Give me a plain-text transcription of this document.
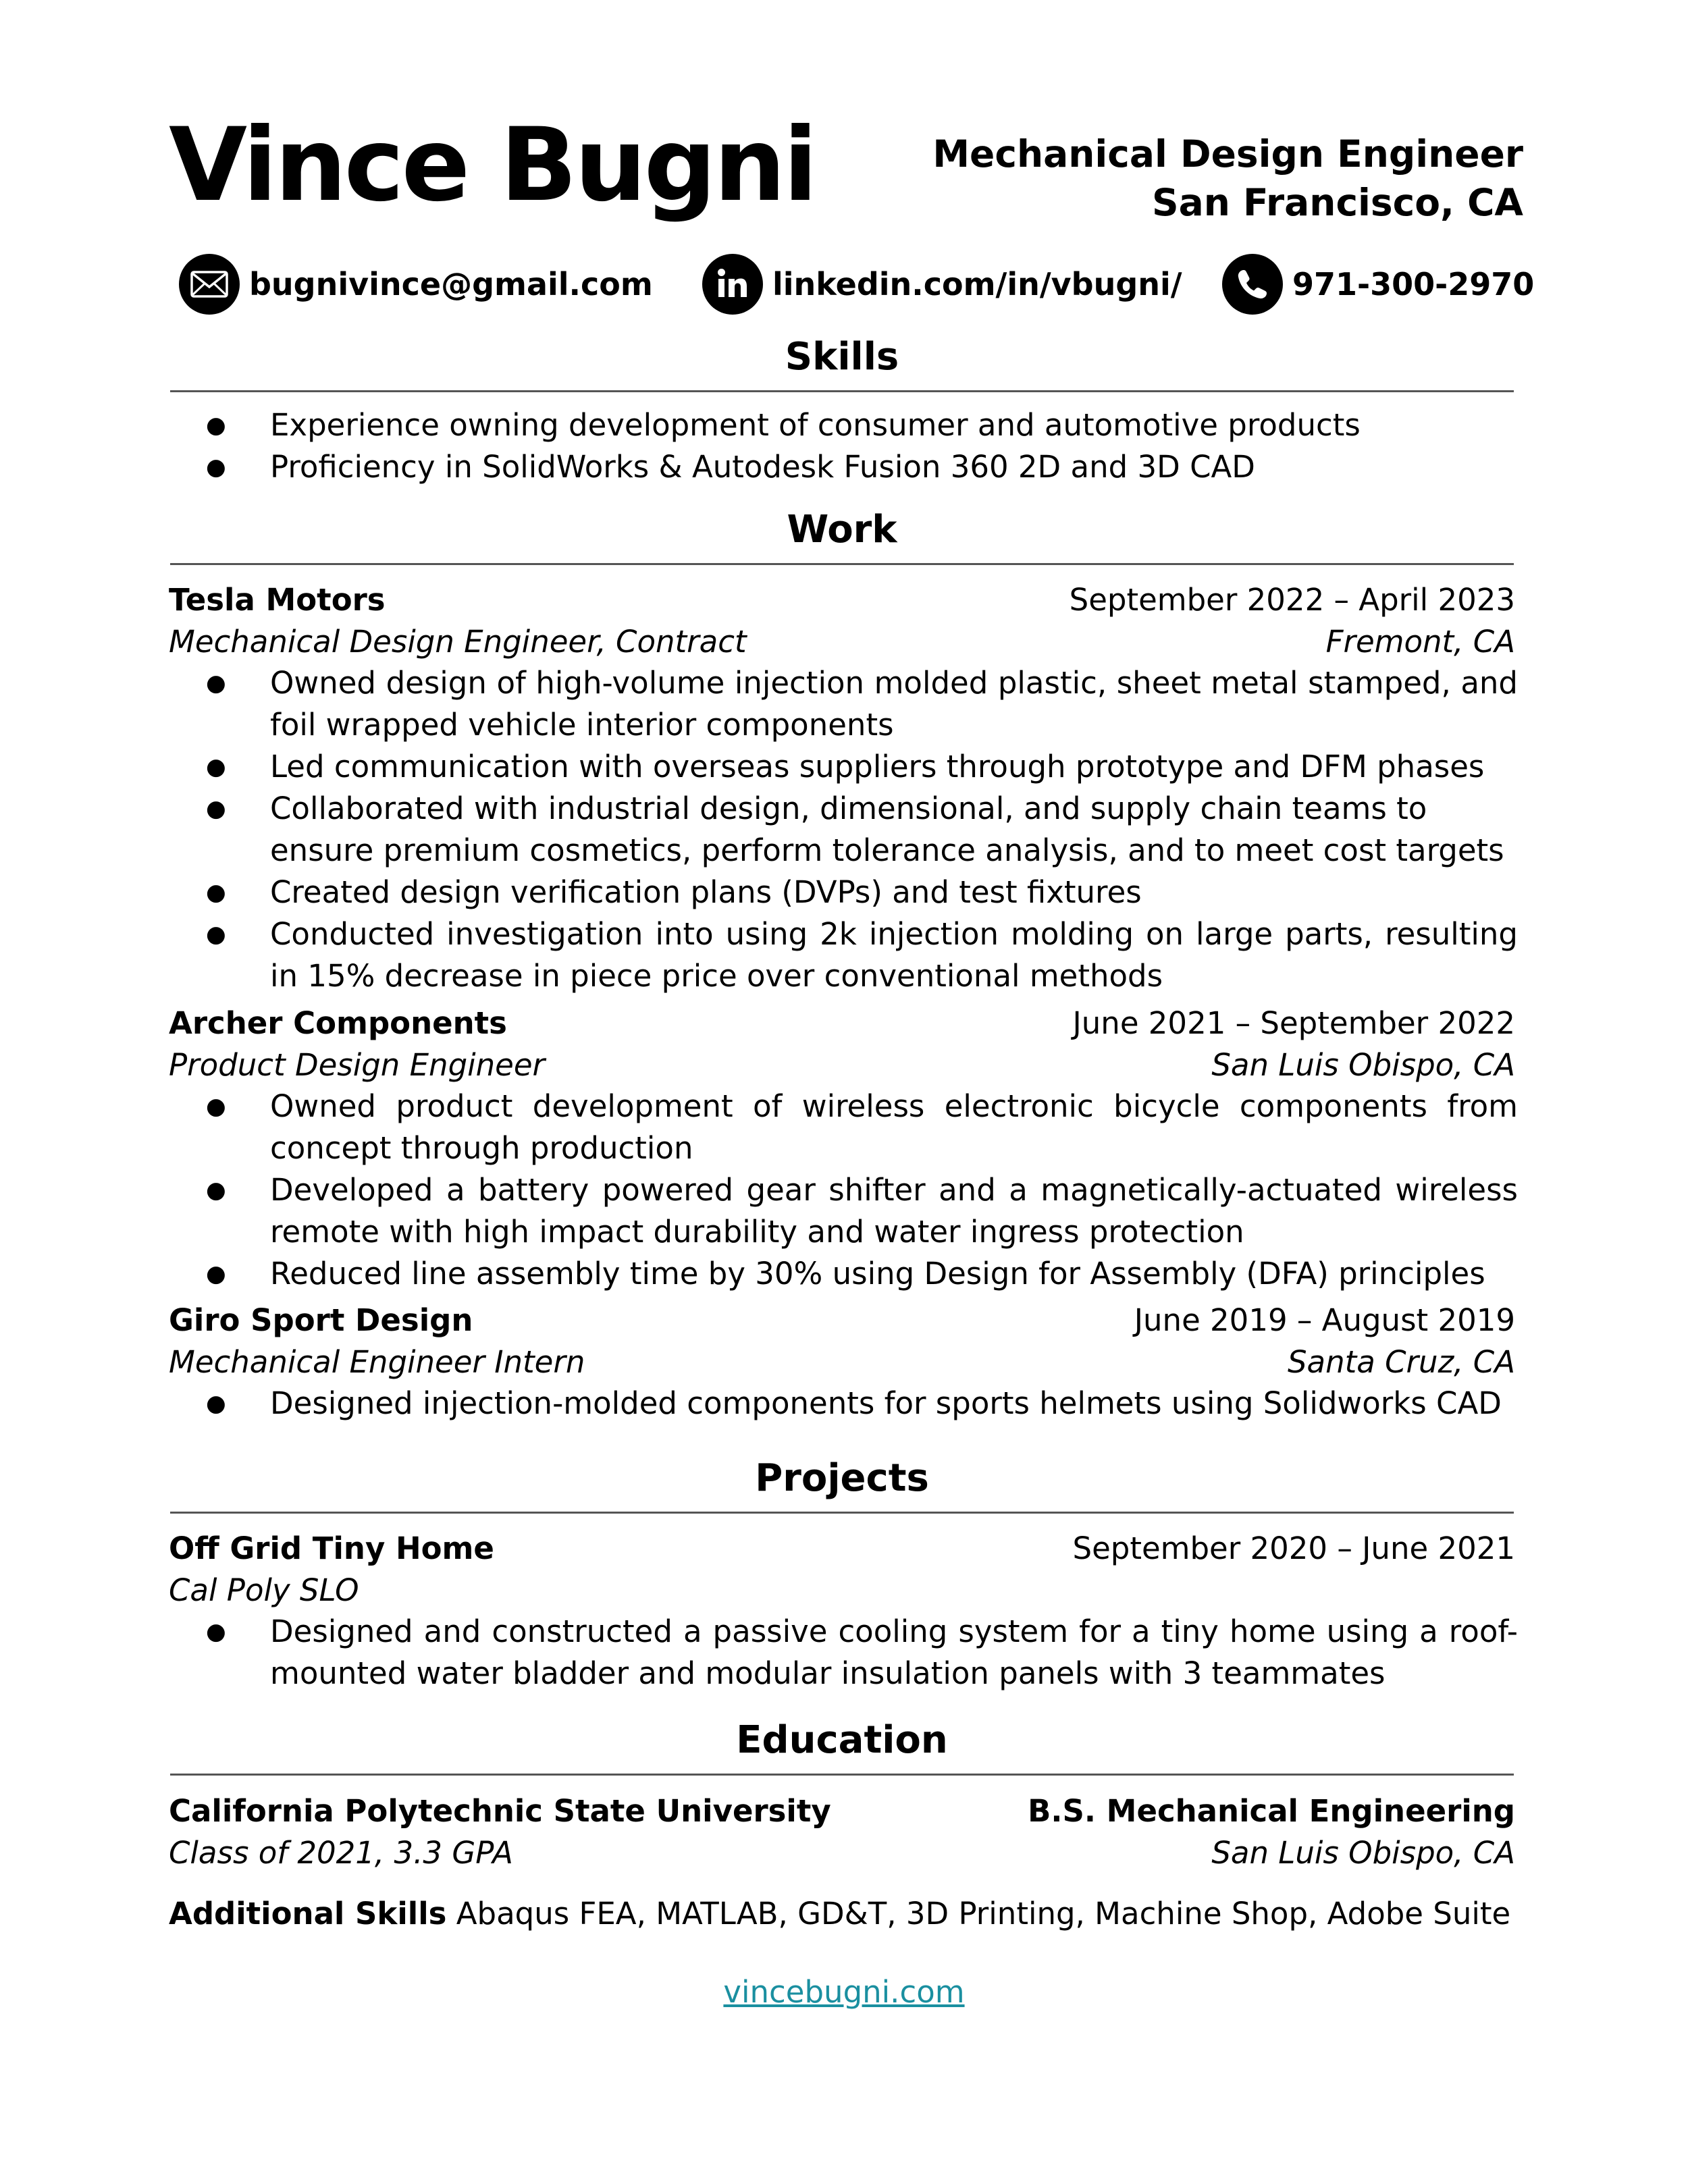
Vince Bugni	Mechanical Design Engineer
San Francisco, CA
bugnivince@gmail.com	linkedin.com/in/vbugni/	971-300-2970
Skills
● Experience owning development of consumer and automotive products
● Proficiency in SolidWorks & Autodesk Fusion 360 2D and 3D CAD
Work
Tesla Motors	September 2022 – April 2023
Mechanical Design Engineer, Contract	Fremont, CA
● Owned design of high-volume injection molded plastic, sheet metal stamped, and foil wrapped vehicle interior components
● Led communication with overseas suppliers through prototype and DFM phases
● Collaborated with industrial design, dimensional, and supply chain teams to ensure premium cosmetics, perform tolerance analysis, and to meet cost targets
● Created design verification plans (DVPs) and test fixtures
● Conducted investigation into using 2k injection molding on large parts, resulting in 15% decrease in piece price over conventional methods
Archer Components	June 2021 – September 2022
Product Design Engineer	San Luis Obispo, CA
● Owned product development of wireless electronic bicycle components from concept through production
● Developed a battery powered gear shifter and a magnetically-actuated wireless remote with high impact durability and water ingress protection
● Reduced line assembly time by 30% using Design for Assembly (DFA) principles
Giro Sport Design	June 2019 – August 2019
Mechanical Engineer Intern	Santa Cruz, CA
● Designed injection-molded components for sports helmets using Solidworks CAD
Projects
Off Grid Tiny Home	September 2020 – June 2021
Cal Poly SLO
● Designed and constructed a passive cooling system for a tiny home using a roof-mounted water bladder and modular insulation panels with 3 teammates
Education
California Polytechnic State University	B.S. Mechanical Engineering
Class of 2021, 3.3 GPA	San Luis Obispo, CA
Additional Skills Abaqus FEA, MATLAB, GD&T, 3D Printing, Machine Shop, Adobe Suite
vincebugni.com
